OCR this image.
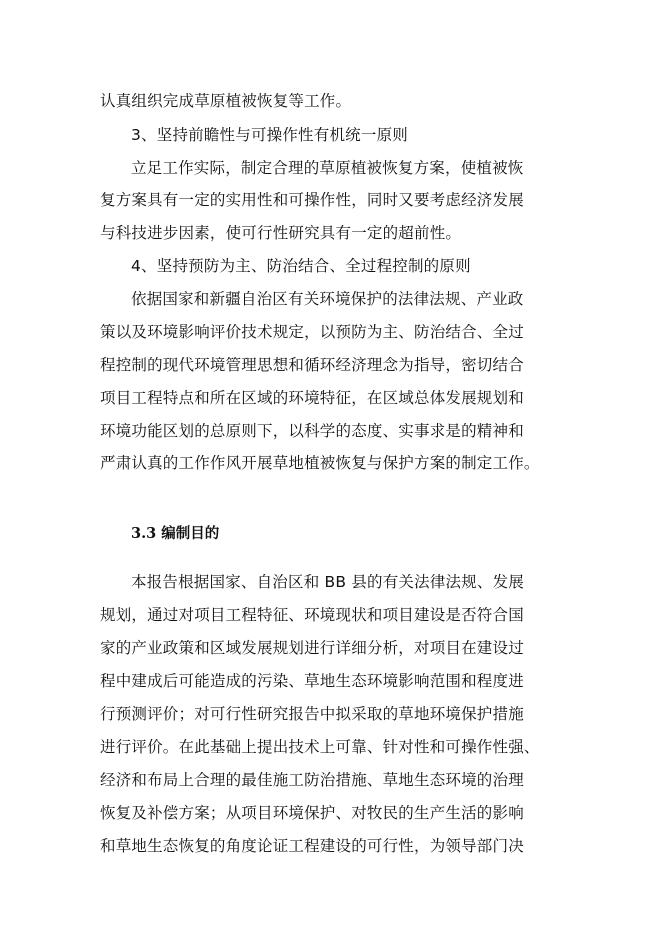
认真组织完成草原植被恢复等工作。
3、坚持前瞻性与可操作性有机统一原则
立足工作实际，制定合理的草原植被恢复方案，使植被恢
复方案具有一定的实用性和可操作性，同时又要考虑经济发展
与科技进步因素，使可行性研究具有一定的超前性。
4、坚持预防为主、防治结合、全过程控制的原则
依据国家和新疆自治区有关环境保护的法律法规、产业政
策以及环境影响评价技术规定，以预防为主、防治结合、全过
程控制的现代环境管理思想和循环经济理念为指导，密切结合
项目工程特点和所在区域的环境特征，在区域总体发展规划和
环境功能区划的总原则下，以科学的态度、实事求是的精神和
严肃认真的工作作风开展草地植被恢复与保护方案的制定工作。
3.3 编制目的
本报告根据国家、自治区和 BB 县的有关法律法规、发展
规划，通过对项目工程特征、环境现状和项目建设是否符合国
家的产业政策和区域发展规划进行详细分析，对项目在建设过
程中建成后可能造成的污染、草地生态环境影响范围和程度进
行预测评价；对可行性研究报告中拟采取的草地环境保护措施
进行评价。在此基础上提出技术上可靠、针对性和可操作性强、
经济和布局上合理的最佳施工防治措施、草地生态环境的治理
恢复及补偿方案；从项目环境保护、对牧民的生产生活的影响
和草地生态恢复的角度论证工程建设的可行性，为领导部门决
